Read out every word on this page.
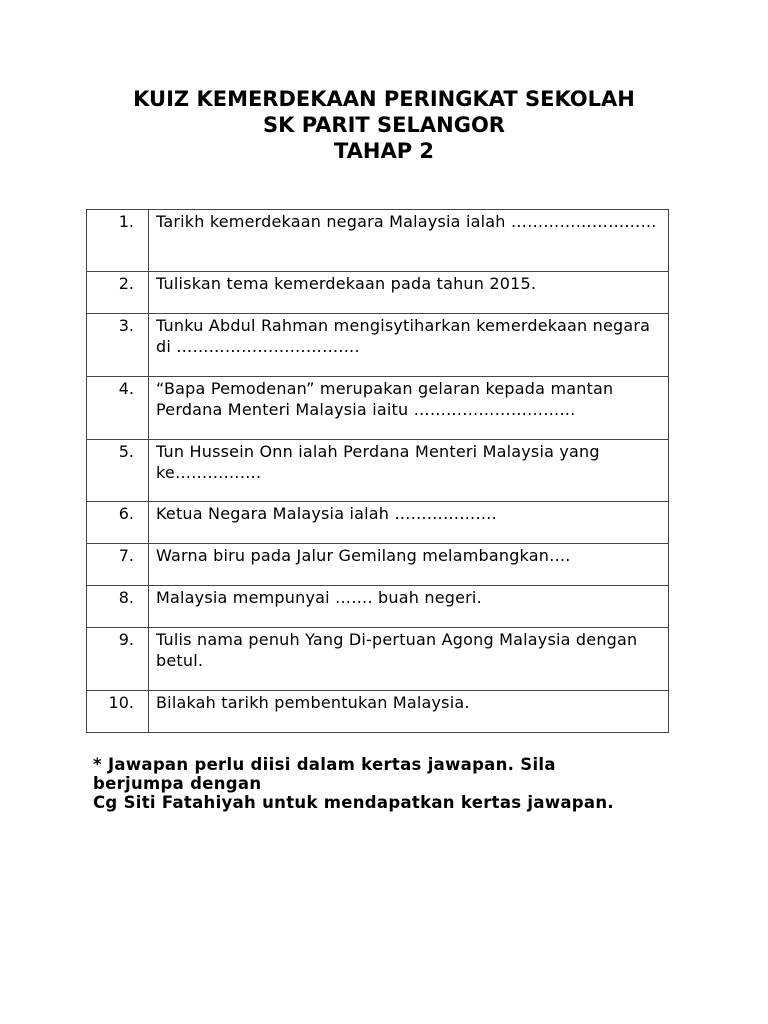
KUIZ KEMERDEKAAN PERINGKAT SEKOLAH
SK PARIT SELANGOR
TAHAP 2
1.	Tarikh kemerdekaan negara Malaysia ialah ………………………
2.	Tuliskan tema kemerdekaan pada tahun 2015.
3.	Tunku Abdul Rahman mengisytiharkan kemerdekaan negara di …………………………….
4.	“Bapa Pemodenan” merupakan gelaran kepada mantan Perdana Menteri Malaysia iaitu …………………………
5.	Tun Hussein Onn ialah Perdana Menteri Malaysia yang ke…………….
6.	Ketua Negara Malaysia ialah ……………….
7.	Warna biru pada Jalur Gemilang melambangkan….
8.	Malaysia mempunyai ……. buah negeri.
9.	Tulis nama penuh Yang Di-pertuan Agong Malaysia dengan betul.
10.	Bilakah tarikh pembentukan Malaysia.
* Jawapan perlu diisi dalam kertas jawapan. Sila
berjumpa dengan
Cg Siti Fatahiyah untuk mendapatkan kertas jawapan.
